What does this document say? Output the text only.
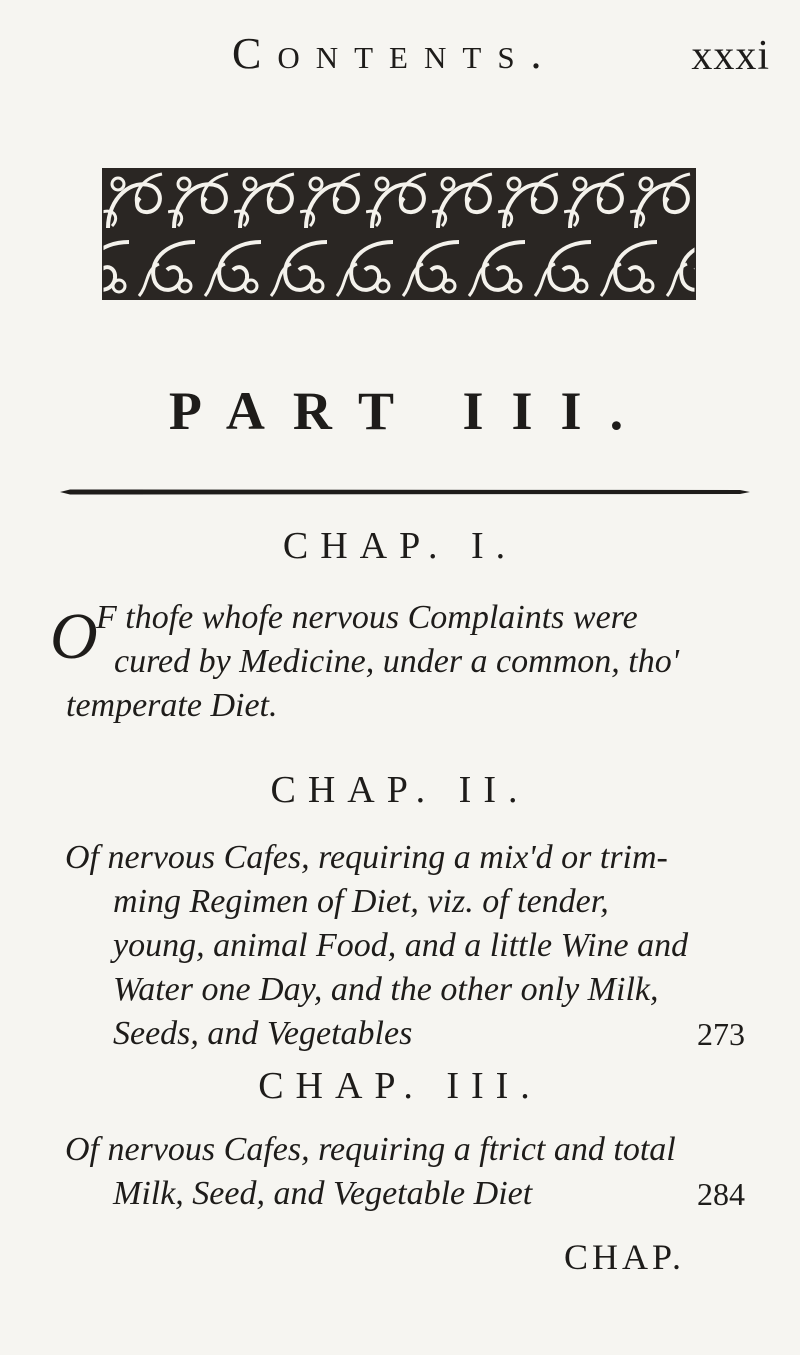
Contents.	xxxi
PART III.
CHAP. I.
O
F thofe whofe nervous Complaints were
cured by Medicine, under a common, tho'
temperate Diet.
CHAP. II.
Of nervous Cafes, requiring a mix'd or trim-
ming Regimen of Diet, viz. of tender,
young, animal Food, and a little Wine and
Water one Day, and the other only Milk,
Seeds, and Vegetables	273
CHAP. III.
Of nervous Cafes, requiring a ftrict and total
Milk, Seed, and Vegetable Diet	284
CHAP.
